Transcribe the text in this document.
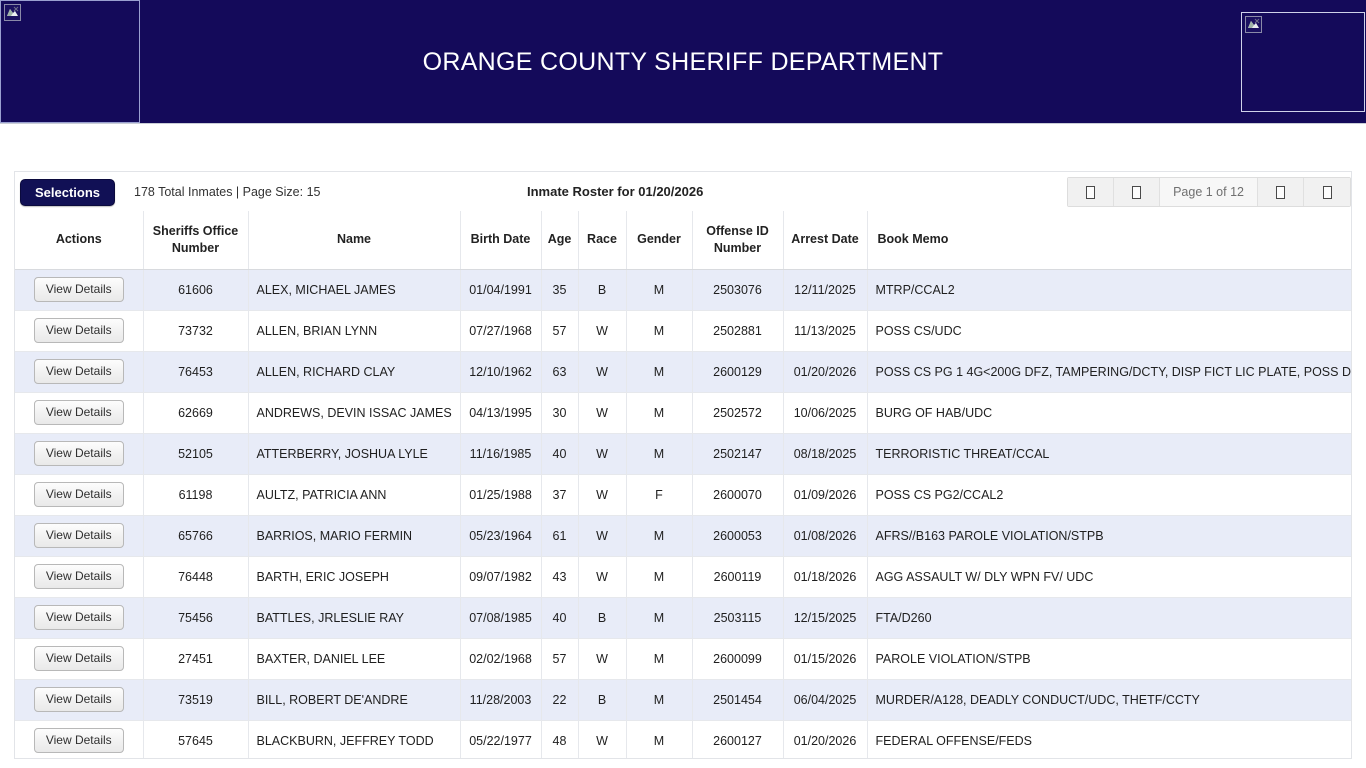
ORANGE COUNTY SHERIFF DEPARTMENT
Selections	178 Total Inmates | Page Size: 15	Inmate Roster for 01/20/2026	Page 1 of 12
Actions	Sheriffs Office Number	Name	Birth Date	Age	Race	Gender	Offense ID Number	Arrest Date	Book Memo
View Details	61606	ALEX, MICHAEL JAMES	01/04/1991	35	B	M	2503076	12/11/2025	MTRP/CCAL2
View Details	73732	ALLEN, BRIAN LYNN	07/27/1968	57	W	M	2502881	11/13/2025	POSS CS/UDC
View Details	76453	ALLEN, RICHARD CLAY	12/10/1962	63	W	M	2600129	01/20/2026	POSS CS PG 1 4G<200G DFZ, TAMPERING/DCTY, DISP FICT LIC PLATE, POSS D
View Details	62669	ANDREWS, DEVIN ISSAC JAMES	04/13/1995	30	W	M	2502572	10/06/2025	BURG OF HAB/UDC
View Details	52105	ATTERBERRY, JOSHUA LYLE	11/16/1985	40	W	M	2502147	08/18/2025	TERRORISTIC THREAT/CCAL
View Details	61198	AULTZ, PATRICIA ANN	01/25/1988	37	W	F	2600070	01/09/2026	POSS CS PG2/CCAL2
View Details	65766	BARRIOS, MARIO FERMIN	05/23/1964	61	W	M	2600053	01/08/2026	AFRS//B163 PAROLE VIOLATION/STPB
View Details	76448	BARTH, ERIC JOSEPH	09/07/1982	43	W	M	2600119	01/18/2026	AGG ASSAULT W/ DLY WPN FV/ UDC
View Details	75456	BATTLES, JRLESLIE RAY	07/08/1985	40	B	M	2503115	12/15/2025	FTA/D260
View Details	27451	BAXTER, DANIEL LEE	02/02/1968	57	W	M	2600099	01/15/2026	PAROLE VIOLATION/STPB
View Details	73519	BILL, ROBERT DE'ANDRE	11/28/2003	22	B	M	2501454	06/04/2025	MURDER/A128, DEADLY CONDUCT/UDC, THETF/CCTY
View Details	57645	BLACKBURN, JEFFREY TODD	05/22/1977	48	W	M	2600127	01/20/2026	FEDERAL OFFENSE/FEDS
